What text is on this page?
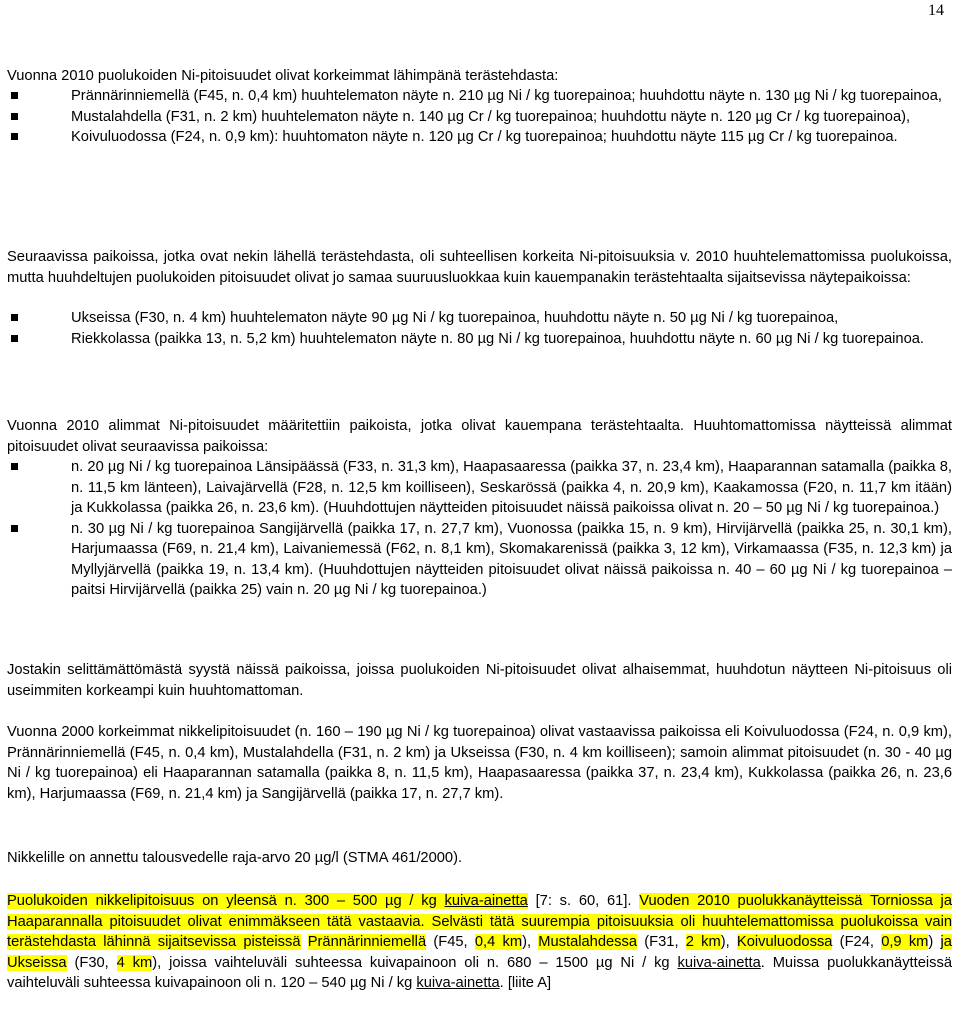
14

Vuonna 2010 puolukoiden Ni-pitoisuudet olivat korkeimmat lähimpänä terästehdasta:

Prännärinniemellä (F45, n. 0,4 km) huuhtelematon näyte n. 210 µg Ni / kg tuorepainoa; huuhdottu näyte n. 130 µg Ni / kg tuorepainoa,
Mustalahdella (F31, n. 2 km) huuhtelematon näyte n. 140 µg Cr / kg tuorepainoa; huuhdottu näyte n. 120 µg Cr / kg tuorepainoa),
Koivuluodossa (F24, n. 0,9 km): huuhtomaton näyte n. 120 µg Cr / kg tuorepainoa; huuhdottu näyte 115 µg Cr / kg tuorepainoa.

Seuraavissa paikoissa, jotka ovat nekin lähellä terästehdasta, oli suhteellisen korkeita Ni-pitoisuuksia v. 2010 huuhtelemattomissa puolukoissa, mutta huuhdeltujen puolukoiden pitoisuudet olivat jo samaa suuruusluokkaa kuin kauempanakin terästehtaalta sijaitsevissa näytepaikoissa:

Ukseissa (F30, n. 4 km) huuhtelematon näyte 90 µg Ni / kg tuorepainoa, huuhdottu näyte n. 50 µg Ni / kg tuorepainoa,
Riekkolassa (paikka 13, n. 5,2 km) huuhtelematon näyte n. 80 µg Ni / kg tuorepainoa, huuhdottu näyte n. 60 µg Ni / kg tuorepainoa.

Vuonna 2010 alimmat Ni-pitoisuudet määritettiin paikoista, jotka olivat kauempana terästehtaalta. Huuhtomattomissa näytteissä alimmat pitoisuudet olivat seuraavissa paikoissa:

n. 20 µg Ni / kg tuorepainoa Länsipäässä (F33, n. 31,3 km), Haapasaaressa (paikka 37, n. 23,4 km), Haaparannan satamalla (paikka 8, n. 11,5 km länteen), Laivajärvellä (F28, n. 12,5 km koilliseen), Seskarössä (paikka 4, n. 20,9 km), Kaakamossa (F20, n. 11,7 km itään) ja Kukkolassa (paikka 26, n. 23,6 km). (Huuhdottujen näytteiden pitoisuudet näissä paikoissa olivat n. 20 – 50 µg Ni / kg tuorepainoa.)
n. 30 µg Ni / kg tuorepainoa Sangijärvellä (paikka 17, n. 27,7 km), Vuonossa (paikka 15, n. 9 km), Hirvijärvellä (paikka 25, n. 30,1 km), Harjumaassa (F69, n. 21,4 km), Laivaniemessä (F62, n. 8,1 km), Skomakarenissä (paikka 3, 12 km), Virkamaassa (F35, n. 12,3 km) ja Myllyjärvellä (paikka 19, n. 13,4 km). (Huuhdottujen näytteiden pitoisuudet olivat näissä paikoissa n. 40 – 60 µg Ni / kg tuorepainoa – paitsi Hirvijärvellä (paikka 25) vain n. 20 µg Ni / kg tuorepainoa.)

Jostakin selittämättömästä syystä näissä paikoissa, joissa puolukoiden Ni-pitoisuudet olivat alhaisemmat, huuhdotun näytteen Ni-pitoisuus oli useimmiten korkeampi kuin huuhtomattoman.

Vuonna 2000 korkeimmat nikkelipitoisuudet (n. 160 – 190 µg Ni / kg tuorepainoa) olivat vastaavissa paikoissa eli Koivuluodossa (F24, n. 0,9 km), Prännärinniemellä (F45, n. 0,4 km), Mustalahdella (F31, n. 2 km) ja Ukseissa (F30, n. 4 km koilliseen); samoin alimmat pitoisuudet (n. 30 - 40 µg Ni / kg tuorepainoa) eli Haaparannan satamalla (paikka 8, n. 11,5 km), Haapasaaressa (paikka 37, n. 23,4 km), Kukkolassa (paikka 26, n. 23,6 km), Harjumaassa (F69, n. 21,4 km) ja Sangijärvellä (paikka 17, n. 27,7 km).

Nikkelille on annettu talousvedelle raja-arvo 20 µg/l (STMA 461/2000).

Puolukoiden nikkelipitoisuus on yleensä n. 300 – 500 µg / kg kuiva-ainetta [7: s. 60, 61]. Vuoden 2010 puolukkanäytteissä Torniossa ja Haaparannalla pitoisuudet olivat enimmäkseen tätä vastaavia. Selvästi tätä suurempia pitoisuuksia oli huuhtelemattomissa puolukoissa vain terästehdasta lähinnä sijaitsevissa pisteissä Prännärinniemellä (F45, 0,4 km), Mustalahdessa (F31, 2 km), Koivuluodossa (F24, 0,9 km) ja Ukseissa (F30, 4 km), joissa vaihteluväli suhteessa kuivapainoon oli n. 680 – 1500 µg Ni / kg kuiva-ainetta. Muissa puolukkanäytteissä vaihteluväli suhteessa kuivapainoon oli n. 120 – 540 µg Ni / kg kuiva-ainetta. [liite A]
